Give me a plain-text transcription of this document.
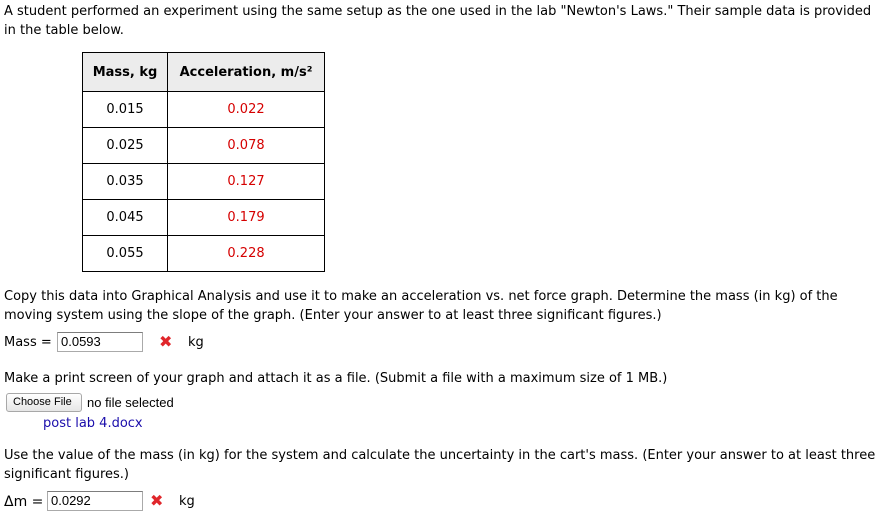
A student performed an experiment using the same setup as the one used in the lab "Newton's Laws." Their sample data is provided in the table below.
Mass, kg	Acceleration, m/s²
0.015	0.022
0.025	0.078
0.035	0.127
0.045	0.179
0.055	0.228
Copy this data into Graphical Analysis and use it to make an acceleration vs. net force graph. Determine the mass (in kg) of the moving system using the slope of the graph. (Enter your answer to at least three significant figures.)
Mass = 0.0593	✖ kg
Make a print screen of your graph and attach it as a file. (Submit a file with a maximum size of 1 MB.)
Choose File	no file selected
post lab 4.docx
Use the value of the mass (in kg) for the system and calculate the uncertainty in the cart's mass. (Enter your answer to at least three significant figures.)
Δm = 0.0292	✖ kg
